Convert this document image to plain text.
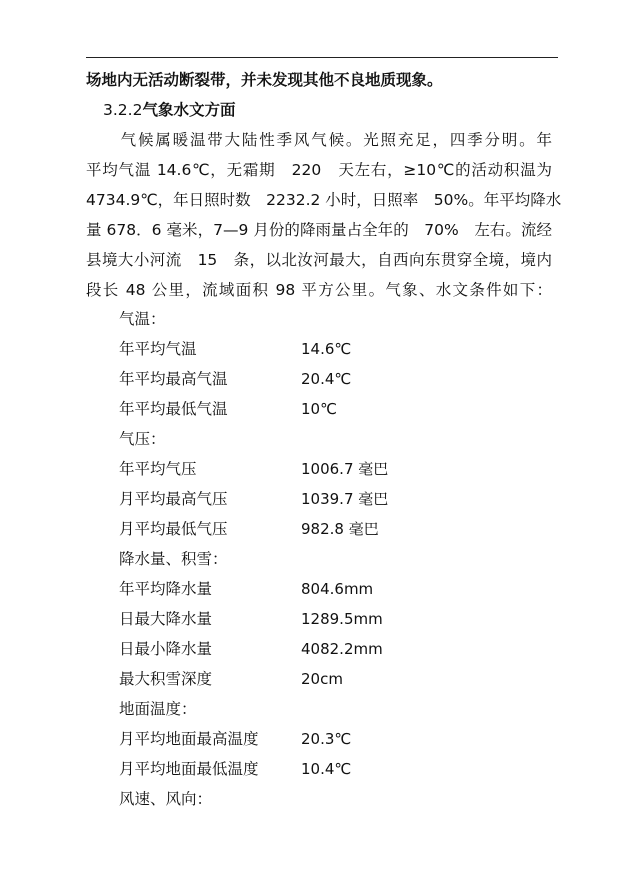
场地内无活动断裂带，并未发现其他不良地质现象。
3.2.2气象水文方面
　　气候属暖温带大陆性季风气候。光照充足，四季分明。年
平均气温 14.6℃，无霜期　220　天左右，≥10℃的活动积温为
4734.9℃，年日照时数　2232.2 小时，日照率　50%。年平均降水
量 678．6 毫米，7—9 月份的降雨量占全年的　70%　左右。流经
县境大小河流　15　条，以北汝河最大，自西向东贯穿全境，境内
段长 48 公里，流域面积 98 平方公里。气象、水文条件如下：
气温：
年平均气温	14.6℃
年平均最高气温	20.4℃
年平均最低气温	10℃
气压：
年平均气压	1006.7 毫巴
月平均最高气压	1039.7 毫巴
月平均最低气压	982.8 毫巴
降水量、积雪：
年平均降水量	804.6mm
日最大降水量	1289.5mm
日最小降水量	4082.2mm
最大积雪深度	20cm
地面温度：
月平均地面最高温度	20.3℃
月平均地面最低温度	10.4℃
风速、风向：
